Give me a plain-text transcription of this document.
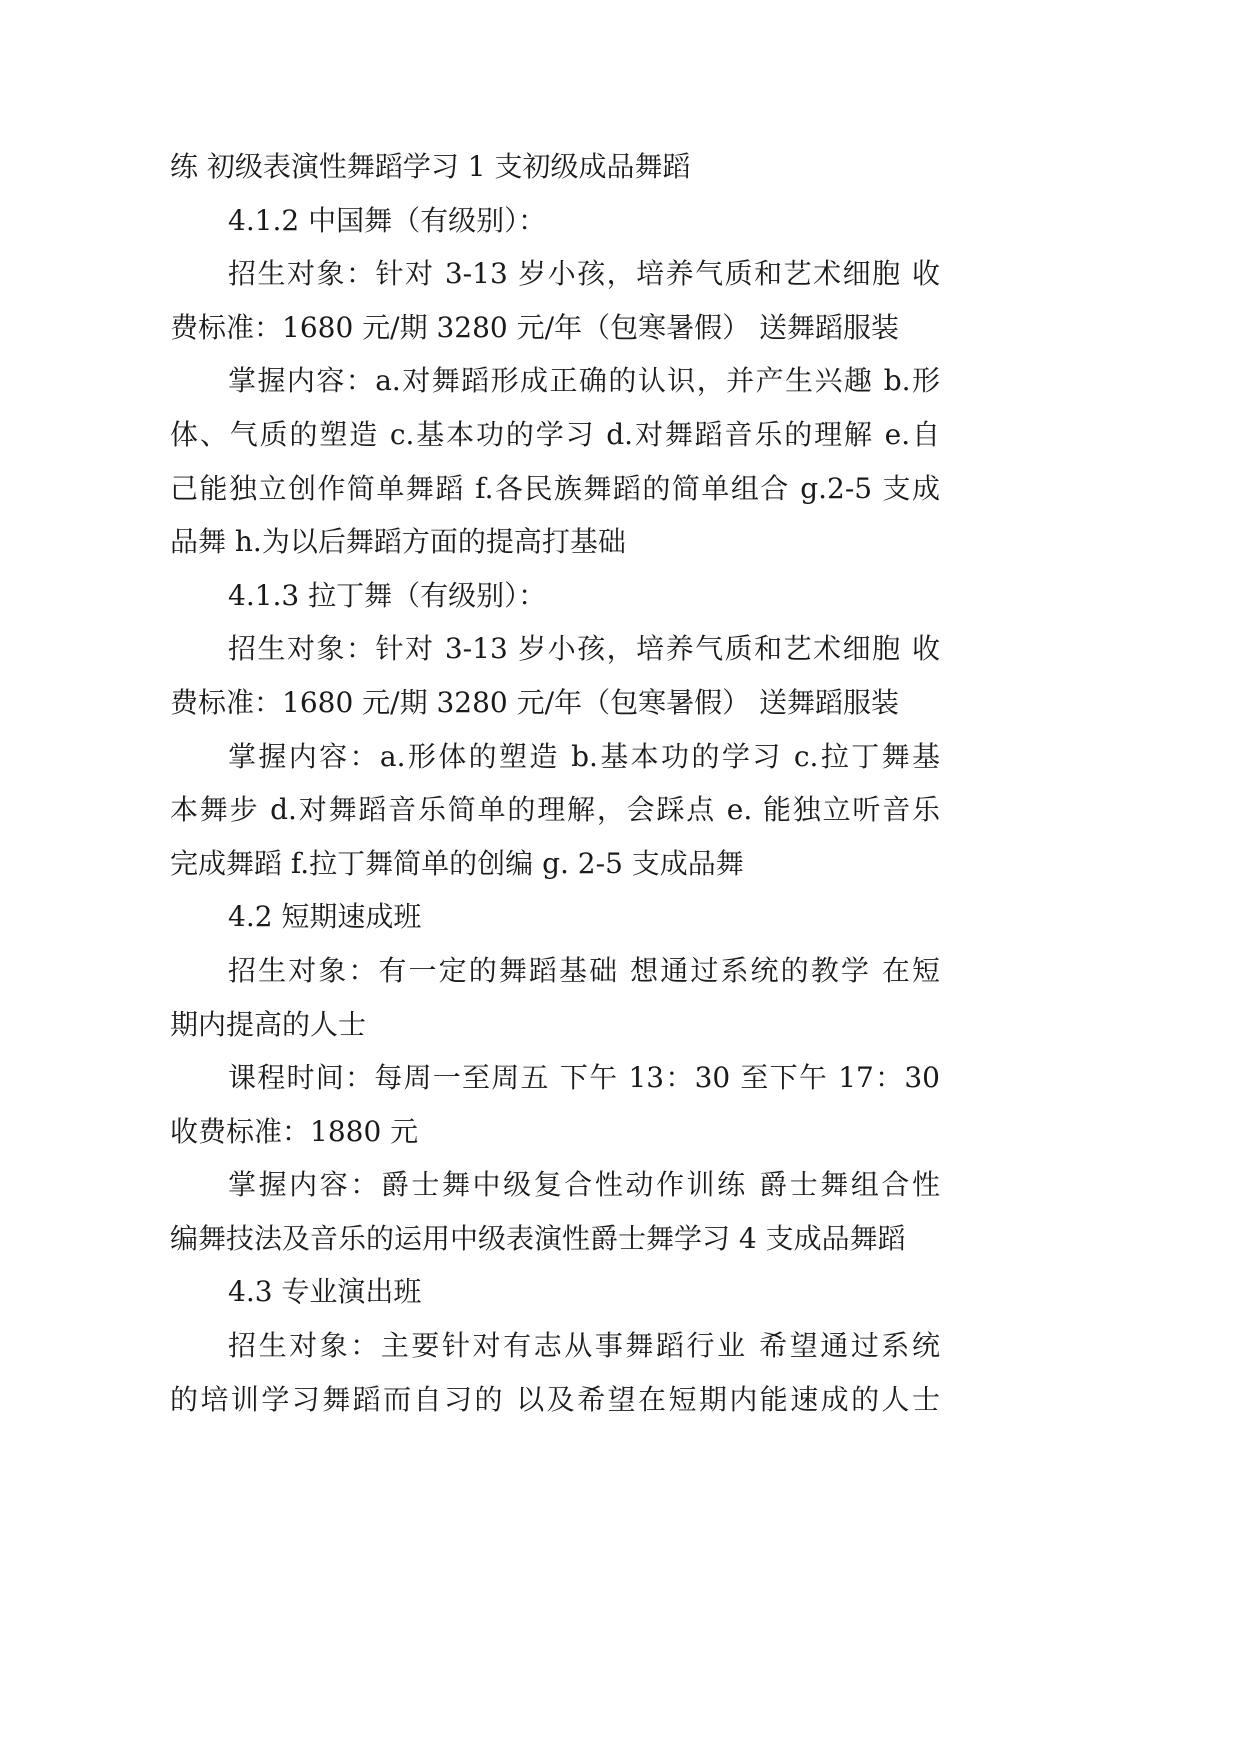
练 初级表演性舞蹈学习 1 支初级成品舞蹈
4.1.2 中国舞（有级别）：
招生对象：针对 3-13 岁小孩，培养气质和艺术细胞 收
费标准：1680 元/期 3280 元/年（包寒暑假） 送舞蹈服装
掌握内容：a.对舞蹈形成正确的认识，并产生兴趣 b.形
体、气质的塑造 c.基本功的学习 d.对舞蹈音乐的理解 e.自
己能独立创作简单舞蹈 f.各民族舞蹈的简单组合 g.2-5 支成
品舞 h.为以后舞蹈方面的提高打基础
4.1.3 拉丁舞（有级别）：
招生对象：针对 3-13 岁小孩，培养气质和艺术细胞 收
费标准：1680 元/期 3280 元/年（包寒暑假） 送舞蹈服装
掌握内容：a.形体的塑造 b.基本功的学习 c.拉丁舞基
本舞步 d.对舞蹈音乐简单的理解，会踩点 e. 能独立听音乐
完成舞蹈 f.拉丁舞简单的创编 g. 2-5 支成品舞
4.2 短期速成班
招生对象：有一定的舞蹈基础 想通过系统的教学 在短
期内提高的人士
课程时间：每周一至周五 下午 13：30 至下午 17：30
收费标准：1880 元
掌握内容：爵士舞中级复合性动作训练 爵士舞组合性
编舞技法及音乐的运用中级表演性爵士舞学习 4 支成品舞蹈
4.3 专业演出班
招生对象：主要针对有志从事舞蹈行业 希望通过系统
的培训学习舞蹈而自习的 以及希望在短期内能速成的人士
